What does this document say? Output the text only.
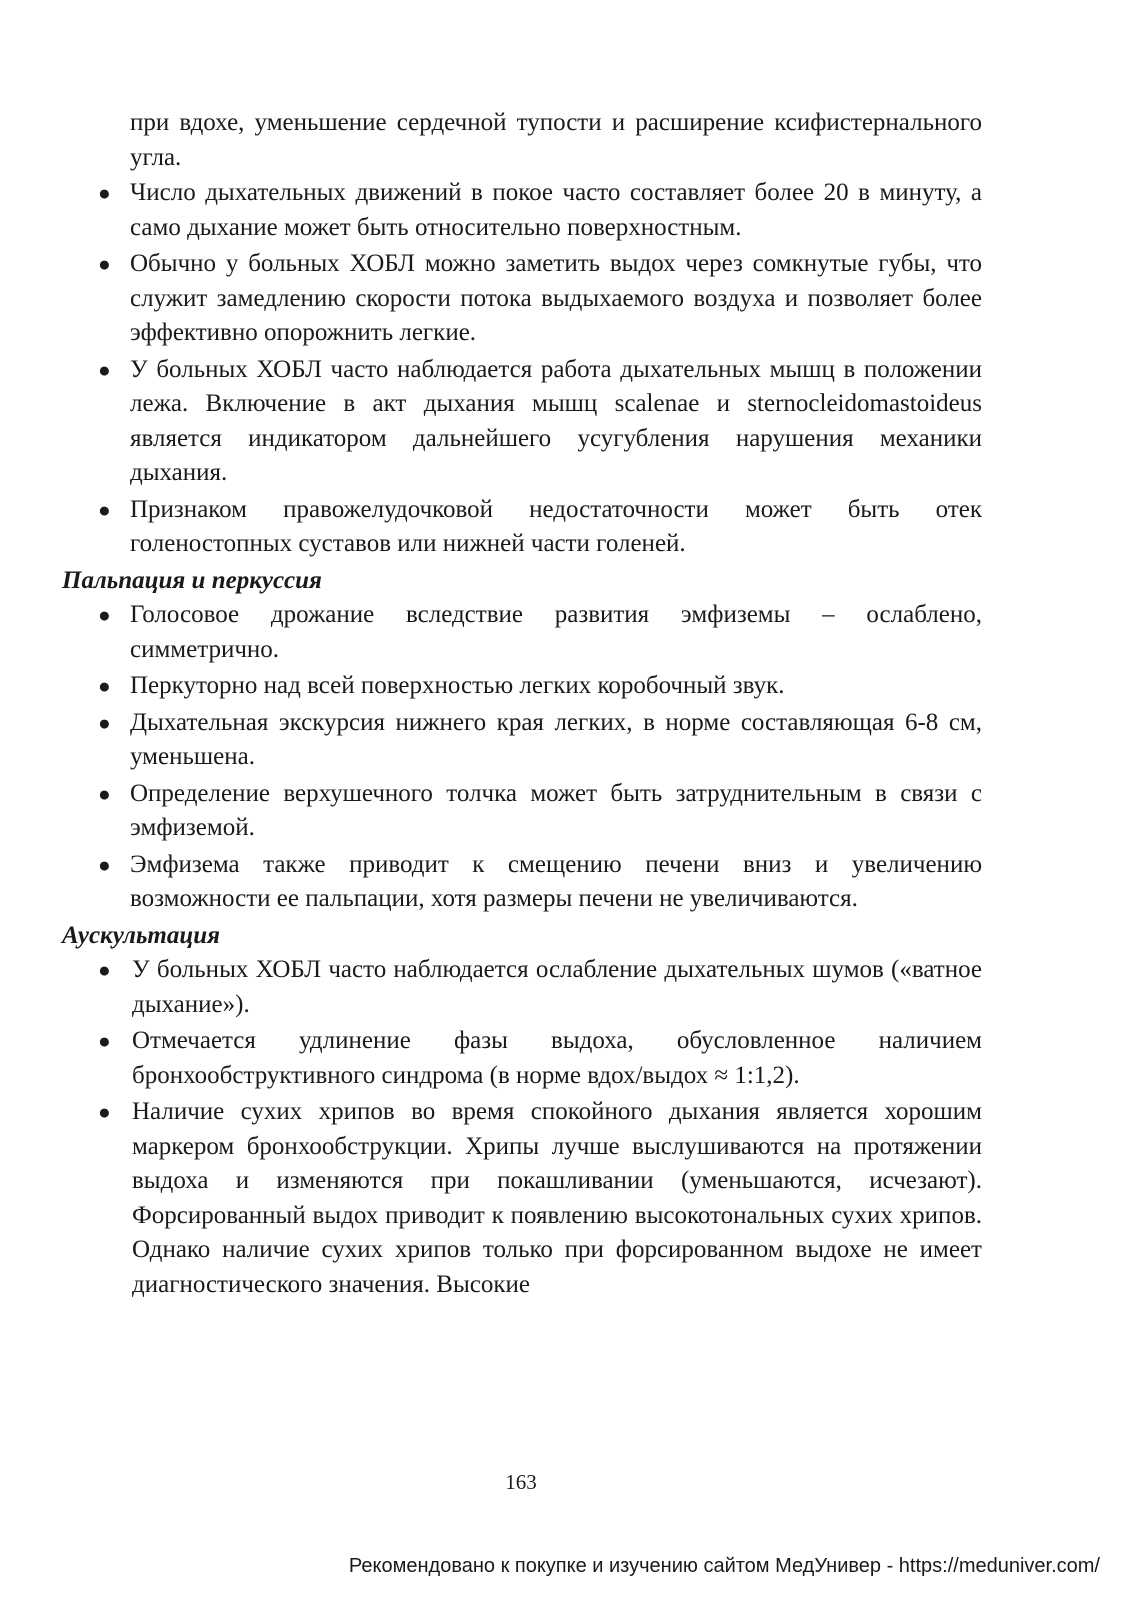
при вдохе, уменьшение сердечной тупости и расширение ксифистернального угла.

● Число дыхательных движений в покое часто составляет более 20 в минуту, а само дыхание может быть относительно поверхностным.
● Обычно у больных ХОБЛ можно заметить выдох через сомкнутые губы, что служит замедлению скорости потока выдыхаемого воздуха и позволяет более эффективно опорожнить легкие.
● У больных ХОБЛ часто наблюдается работа дыхательных мышц в положении лежа. Включение в акт дыхания мышц scalenae и sternocleidomastoideus является индикатором дальнейшего усугубления нарушения механики дыхания.
● Признаком правожелудочковой недостаточности может быть отек голеностопных суставов или нижней части голеней.
Пальпация и перкуссия
● Голосовое дрожание вследствие развития эмфиземы – ослаблено, симметрично.
● Перкуторно над всей поверхностью легких коробочный звук.
● Дыхательная экскурсия нижнего края легких, в норме составляющая 6-8 см, уменьшена.
● Определение верхушечного толчка может быть затруднительным в связи с эмфиземой.
● Эмфизема также приводит к смещению печени вниз и увеличению возможности ее пальпации, хотя размеры печени не увеличиваются.
Аускультация
● У больных ХОБЛ часто наблюдается ослабление дыхательных шумов («ватное дыхание»).
● Отмечается удлинение фазы выдоха, обусловленное наличием бронхообструктивного синдрома (в норме вдох/выдох ≈ 1:1,2).
● Наличие сухих хрипов во время спокойного дыхания является хорошим маркером бронхообструкции. Хрипы лучше выслушиваются на протяжении выдоха и изменяются при покашливании (уменьшаются, исчезают). Форсированный выдох приводит к появлению высокотональных сухих хрипов. Однако наличие сухих хрипов только при форсированном выдохе не имеет диагностического значения. Высокие
163
Рекомендовано к покупке и изучению сайтом МедУнивер - https://meduniver.com/
